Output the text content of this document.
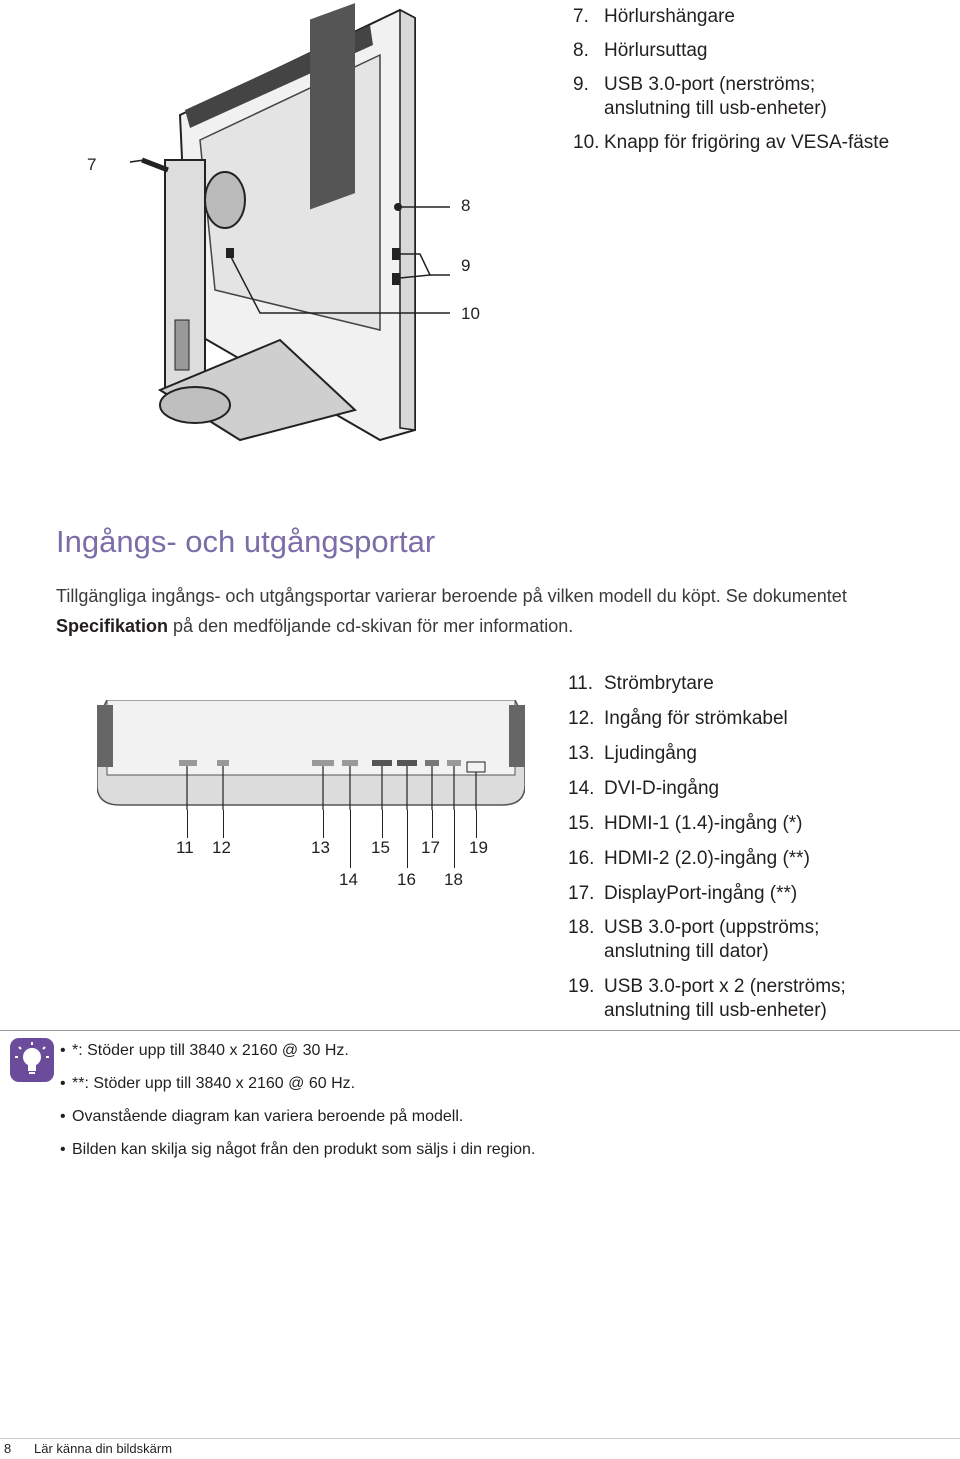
7. Hörlurshängare
8. Hörlursuttag
9. USB 3.0-port (nerströms;
anslutning till usb-enheter)
10. Knapp för frigöring av VESA-fäste
7
8
9
10
Ingångs- och utgångsportar
Tillgängliga ingångs- och utgångsportar varierar beroende på vilken modell du köpt. Se dokumentet Specifikation på den medföljande cd-skivan för mer information.
11 12	13 15 17 19
14 16 18
11. Strömbrytare
12. Ingång för strömkabel
13. Ljudingång
14. DVI-D-ingång
15. HDMI-1 (1.4)-ingång (*)
16. HDMI-2 (2.0)-ingång (**)
17. DisplayPort-ingång (**)
18. USB 3.0-port (uppströms;
anslutning till dator)
19. USB 3.0-port x 2 (nerströms;
anslutning till usb-enheter)
• *: Stöder upp till 3840 x 2160 @ 30 Hz.
• **: Stöder upp till 3840 x 2160 @ 60 Hz.
• Ovanstående diagram kan variera beroende på modell.
• Bilden kan skilja sig något från den produkt som säljs i din region.
8 Lär känna din bildskärm
